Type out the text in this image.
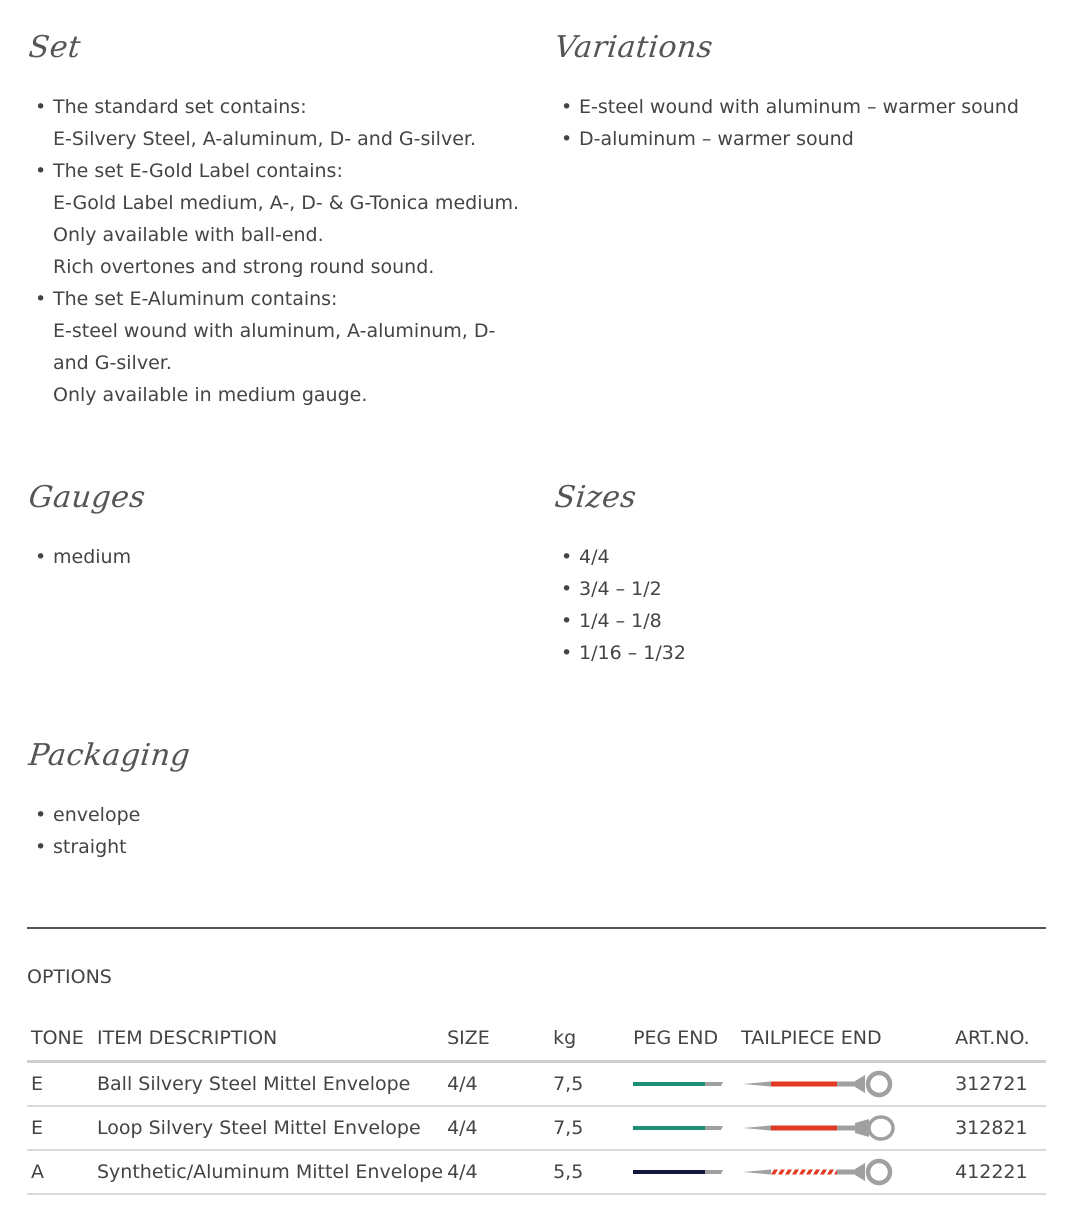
Set
• The standard set contains:
E-Silvery Steel, A-aluminum, D- and G-silver.
• The set E-Gold Label contains:
E-Gold Label medium, A-, D- & G-Tonica medium.
Only available with ball-end.
Rich overtones and strong round sound.
• The set E-Aluminum contains:
E-steel wound with aluminum, A-aluminum, D-
and G-silver.
Only available in medium gauge.
Variations
• E-steel wound with aluminum – warmer sound
• D-aluminum – warmer sound
Gauges
• medium
Sizes
• 4/4
• 3/4 – 1/2
• 1/4 – 1/8
• 1/16 – 1/32
Packaging
• envelope
• straight
OPTIONS
TONE	ITEM DESCRIPTION	SIZE	kg	PEG END	TAILPIECE END	ART.NO.
E	Ball Silvery Steel Mittel Envelope	4/4	7,5			312721
E	Loop Silvery Steel Mittel Envelope	4/4	7,5			312821
A	Synthetic/Aluminum Mittel Envelope	4/4	5,5			412221
